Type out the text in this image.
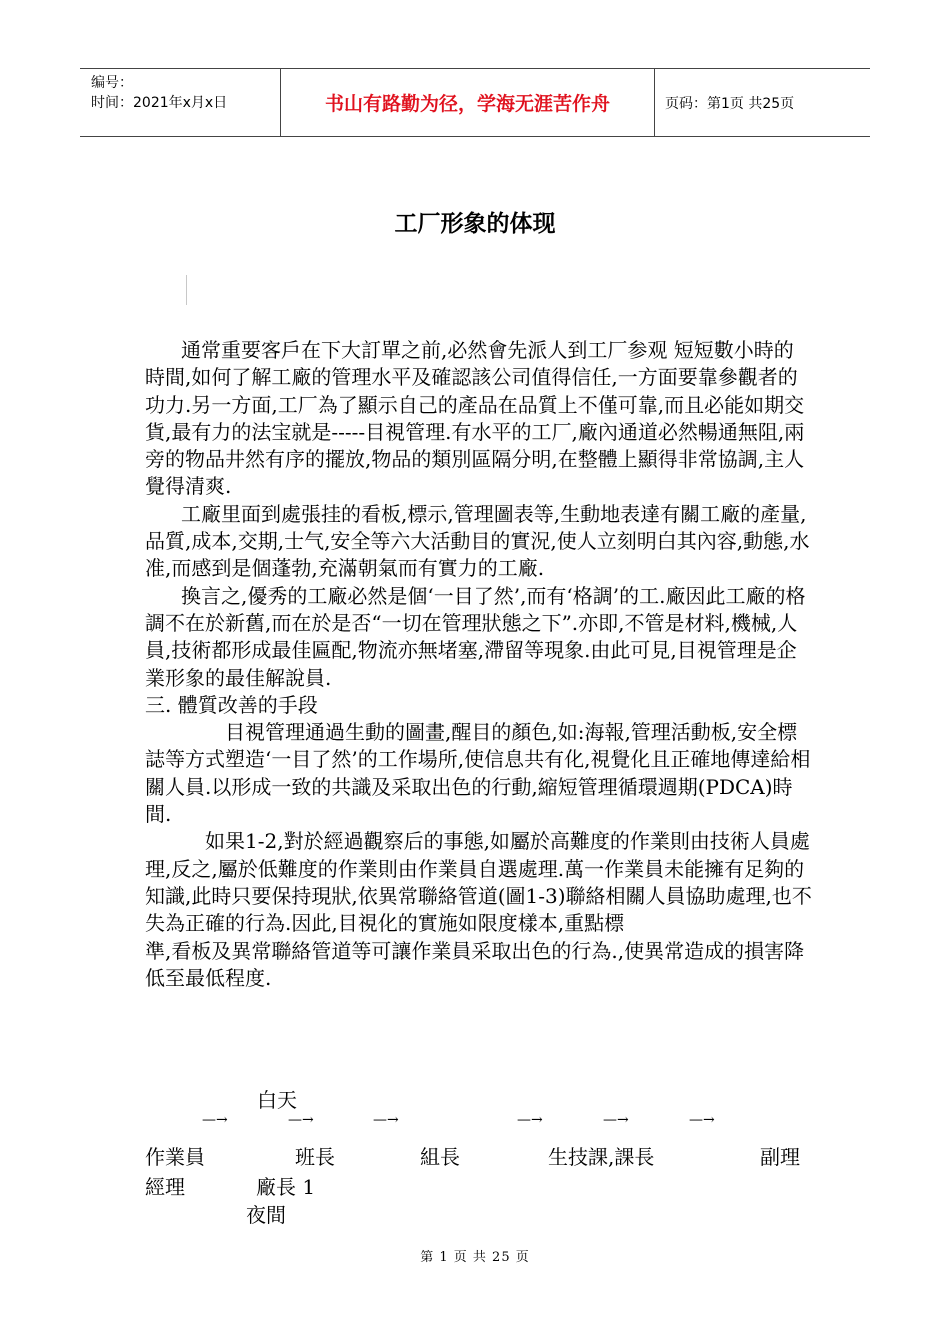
编号：
时间：2021年x月x日	书山有路勤为径，学海无涯苦作舟	页码：第1页 共25页
工厂形象的体现

通常重要客戶在下大訂單之前,必然會先派人到工厂参观 短短數小時的時間,如何了解工廠的管理水平及確認該公司值得信任,一方面要靠參觀者的功力.另一方面,工厂為了顯示自己的產品在品質上不僅可靠,而且必能如期交貨,最有力的法宝就是-----目視管理.有水平的工厂,廠內通道必然暢通無阻,兩旁的物品井然有序的擺放,物品的類別區隔分明,在整體上顯得非常協調,主人覺得清爽.

工廠里面到處張挂的看板,標示,管理圖表等,生動地表達有關工廠的產量,品質,成本,交期,士气,安全等六大活動目的實況,使人立刻明白其內容,動態,水准,而感到是個蓬勃,充滿朝氣而有實力的工廠.

換言之,優秀的工廠必然是個‘一目了然’,而有‘格調’的工.廠因此工廠的格調不在於新舊,而在於是否“一切在管理狀態之下”.亦即,不管是材料,機械,人員,技術都形成最佳匾配,物流亦無堵塞,滯留等現象.由此可見,目視管理是企業形象的最佳解說員.

三. 體質改善的手段

目視管理通過生動的圖畫,醒目的顏色,如:海報,管理活動板,安全標誌等方式塑造‘一目了然’的工作場所,使信息共有化,視覺化且正確地傳達給相關人員.以形成一致的共識及采取出色的行動,縮短管理循環週期(PDCA)時間.

如果1-2,對於經過觀察后的事態,如屬於高難度的作業則由技術人員處理,反之,屬於低難度的作業則由作業員自選處理.萬一作業員未能擁有足夠的知識,此時只要保持現狀,依異常聯絡管道(圖1-3)聯絡相關人員協助處理,也不失為正確的行為.因此,目視化的實施如限度樣本,重點標

準,看板及異常聯絡管道等可讓作業員采取出色的行為.,使異常造成的損害降低至最低程度.

白天
—→	—→	—→	—→	—→	—→
作業員	班長	組長	生技課,課長	副理
經理	廠長 1
夜間
第 1 页 共 25 页
